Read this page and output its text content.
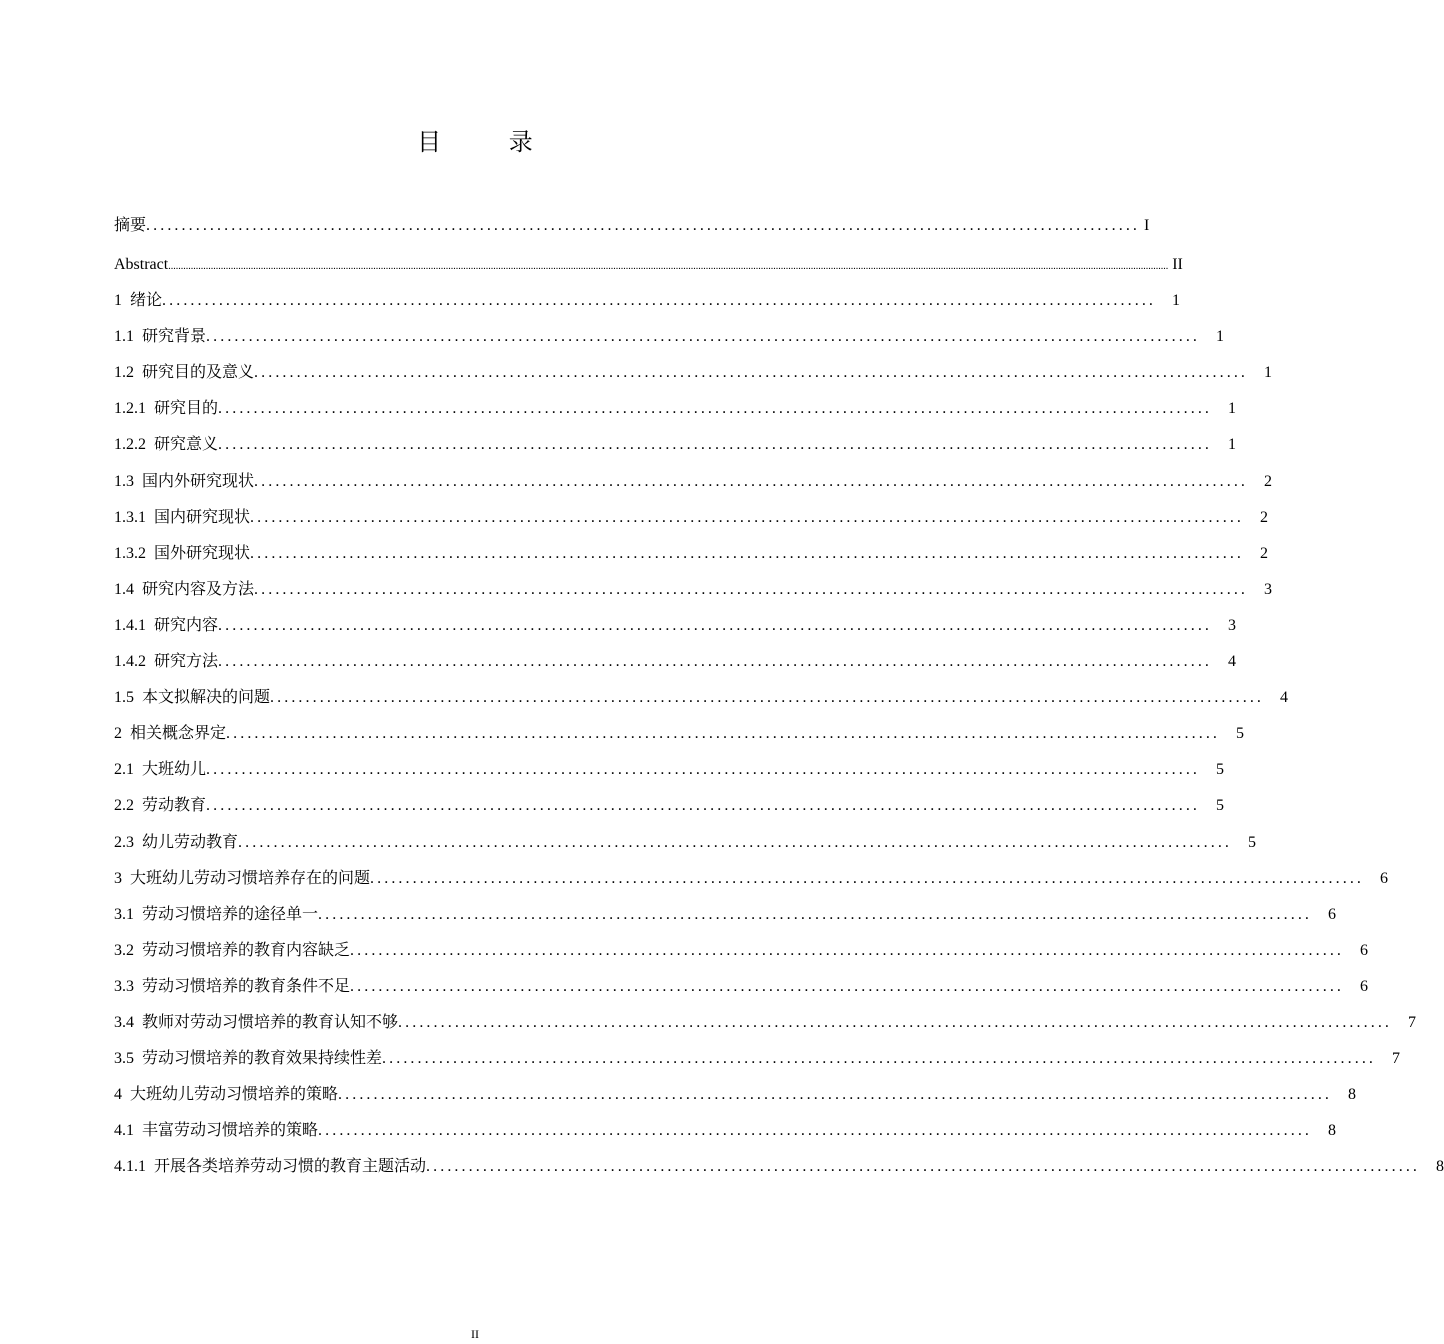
目 录
摘要 ............................................................................................................................................ I
Abstract ................................................................................................................................................................................................................................................................................................................................................................................................................ II
1 绪论 ............................................................................................................................................	1
1.1 研究背景 ............................................................................................................................................	1
1.2 研究目的及意义 ............................................................................................................................................	1
1.2.1 研究目的 ............................................................................................................................................	1
1.2.2 研究意义 ............................................................................................................................................	1
1.3 国内外研究现状 ............................................................................................................................................	2
1.3.1 国内研究现状 ............................................................................................................................................	2
1.3.2 国外研究现状 ............................................................................................................................................	2
1.4 研究内容及方法 ............................................................................................................................................	3
1.4.1 研究内容 ............................................................................................................................................	3
1.4.2 研究方法 ............................................................................................................................................	4
1.5 本文拟解决的问题 ............................................................................................................................................	4
2 相关概念界定 ............................................................................................................................................	5
2.1 大班幼儿 ............................................................................................................................................	5
2.2 劳动教育 ............................................................................................................................................	5
2.3 幼儿劳动教育 ............................................................................................................................................	5
3 大班幼儿劳动习惯培养存在的问题 ............................................................................................................................................	6
3.1 劳动习惯培养的途径单一 ............................................................................................................................................	6
3.2 劳动习惯培养的教育内容缺乏 ............................................................................................................................................	6
3.3 劳动习惯培养的教育条件不足 ............................................................................................................................................	6
3.4 教师对劳动习惯培养的教育认知不够 ............................................................................................................................................	7
3.5 劳动习惯培养的教育效果持续性差 ............................................................................................................................................	7
4 大班幼儿劳动习惯培养的策略 ............................................................................................................................................	8
4.1 丰富劳动习惯培养的策略 ............................................................................................................................................	8
4.1.1 开展各类培养劳动习惯的教育主题活动 ............................................................................................................................................	8
II
